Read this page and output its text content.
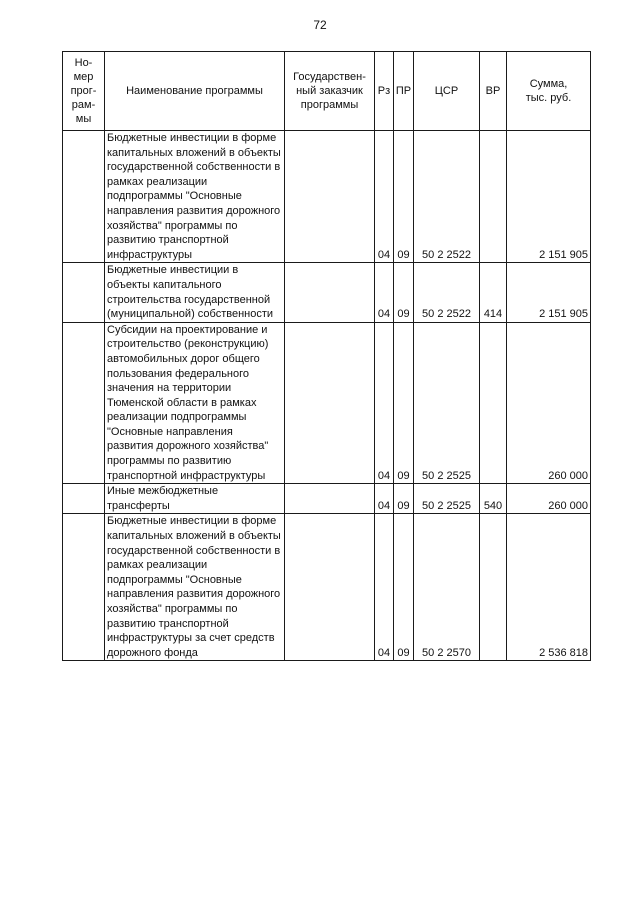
72
Но-
мер
прог-
рам-
мы	Наименование программы	Государствен-
ный заказчик
программы	Рз	ПР	ЦСР	ВР	Сумма,
тыс. руб.
	Бюджетные инвестиции в форме капитальных вложений в объекты государственной собственности в рамках реализации подпрограммы "Основные направления развития дорожного хозяйства" программы по развитию транспортной инфраструктуры		04	09	50 2 2522		2 151 905
	Бюджетные инвестиции в объекты капитального строительства государственной (муниципальной) собственности		04	09	50 2 2522	414	2 151 905
	Субсидии на проектирование и строительство (реконструкцию) автомобильных дорог общего пользования федерального значения на территории Тюменской области в рамках реализации подпрограммы "Основные направления развития дорожного хозяйства" программы по развитию транспортной инфраструктуры		04	09	50 2 2525		260 000
	Иные межбюджетные трансферты		04	09	50 2 2525	540	260 000
	Бюджетные инвестиции в форме капитальных вложений в объекты государственной собственности в рамках реализации подпрограммы "Основные направления развития дорожного хозяйства" программы по развитию транспортной инфраструктуры за счет средств дорожного фонда		04	09	50 2 2570		2 536 818
